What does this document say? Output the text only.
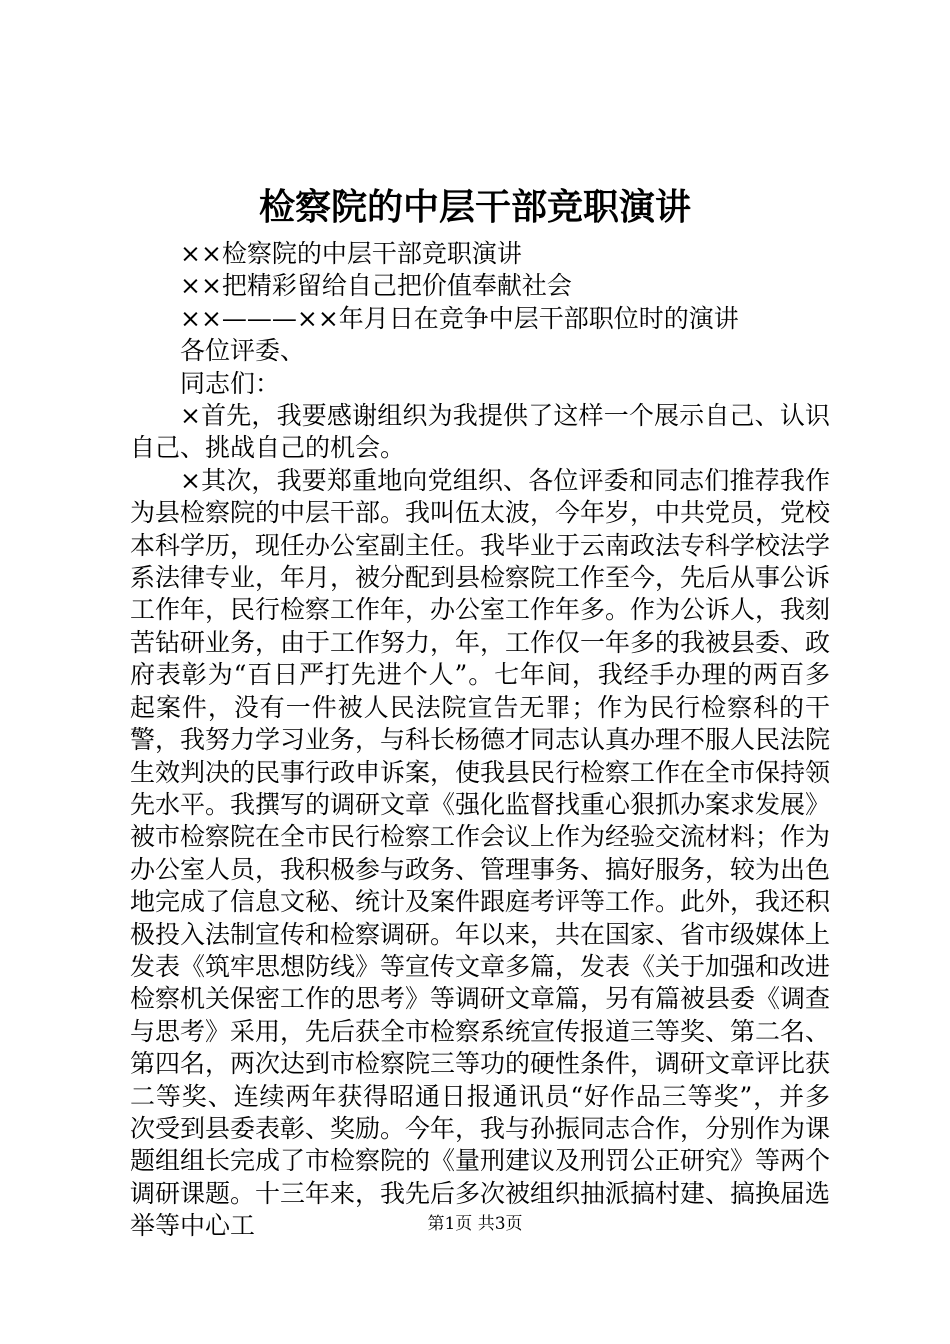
检察院的中层干部竞职演讲

××检察院的中层干部竞职演讲

××把精彩留给自己把价值奉献社会

××———××年月日在竞争中层干部职位时的演讲

各位评委、

同志们：

×首先，我要感谢组织为我提供了这样一个展示自己、认识自己、挑战自己的机会。

×其次，我要郑重地向党组织、各位评委和同志们推荐我作为县检察院的中层干部。我叫伍太波，今年岁，中共党员，党校本科学历，现任办公室副主任。我毕业于云南政法专科学校法学系法律专业，年月，被分配到县检察院工作至今，先后从事公诉工作年，民行检察工作年，办公室工作年多。作为公诉人，我刻苦钻研业务，由于工作努力，年，工作仅一年多的我被县委、政府表彰为“百日严打先进个人”。七年间，我经手办理的两百多起案件，没有一件被人民法院宣告无罪；作为民行检察科的干警，我努力学习业务，与科长杨德才同志认真办理不服人民法院生效判决的民事行政申诉案，使我县民行检察工作在全市保持领先水平。我撰写的调研文章《强化监督找重心狠抓办案求发展》被市检察院在全市民行检察工作会议上作为经验交流材料；作为办公室人员，我积极参与政务、管理事务、搞好服务，较为出色地完成了信息文秘、统计及案件跟庭考评等工作。此外，我还积极投入法制宣传和检察调研。年以来，共在国家、省市级媒体上发表《筑牢思想防线》等宣传文章多篇，发表《关于加强和改进检察机关保密工作的思考》等调研文章篇，另有篇被县委《调查与思考》采用，先后获全市检察系统宣传报道三等奖、第二名、第四名，两次达到市检察院三等功的硬性条件，调研文章评比获二等奖、连续两年获得昭通日报通讯员“好作品三等奖”，并多次受到县委表彰、奖励。今年，我与孙振同志合作，分别作为课题组组长完成了市检察院的《量刑建议及刑罚公正研究》等两个调研课题。十三年来，我先后多次被组织抽派搞村建、搞换届选举等中心工	第1页 共3页
